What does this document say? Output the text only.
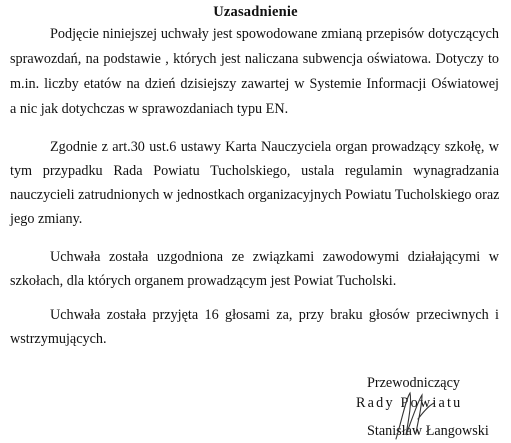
Uzasadnienie
Podjęcie niniejszej uchwały jest spowodowane zmianą przepisów dotyczących
sprawozdań, na podstawie , których jest naliczana subwencja oświatowa. Dotyczy to
m.in. liczby etatów na dzień dzisiejszy zawartej w Systemie Informacji Oświatowej
a nic jak dotychczas w sprawozdaniach typu EN.
Zgodnie z art.30 ust.6 ustawy Karta Nauczyciela organ prowadzący szkołę, w
tym przypadku Rada Powiatu Tucholskiego, ustala regulamin wynagradzania
nauczycieli zatrudnionych w jednostkach organizacyjnych Powiatu Tucholskiego oraz
jego zmiany.
Uchwała została uzgodniona ze związkami zawodowymi działającymi w
szkołach, dla których organem prowadzącym jest Powiat Tucholski.
Uchwała została przyjęta 16 głosami za, przy braku głosów przeciwnych i
wstrzymujących.
Przewodniczący
Rady Powiatu
Stanisław Łangowski
